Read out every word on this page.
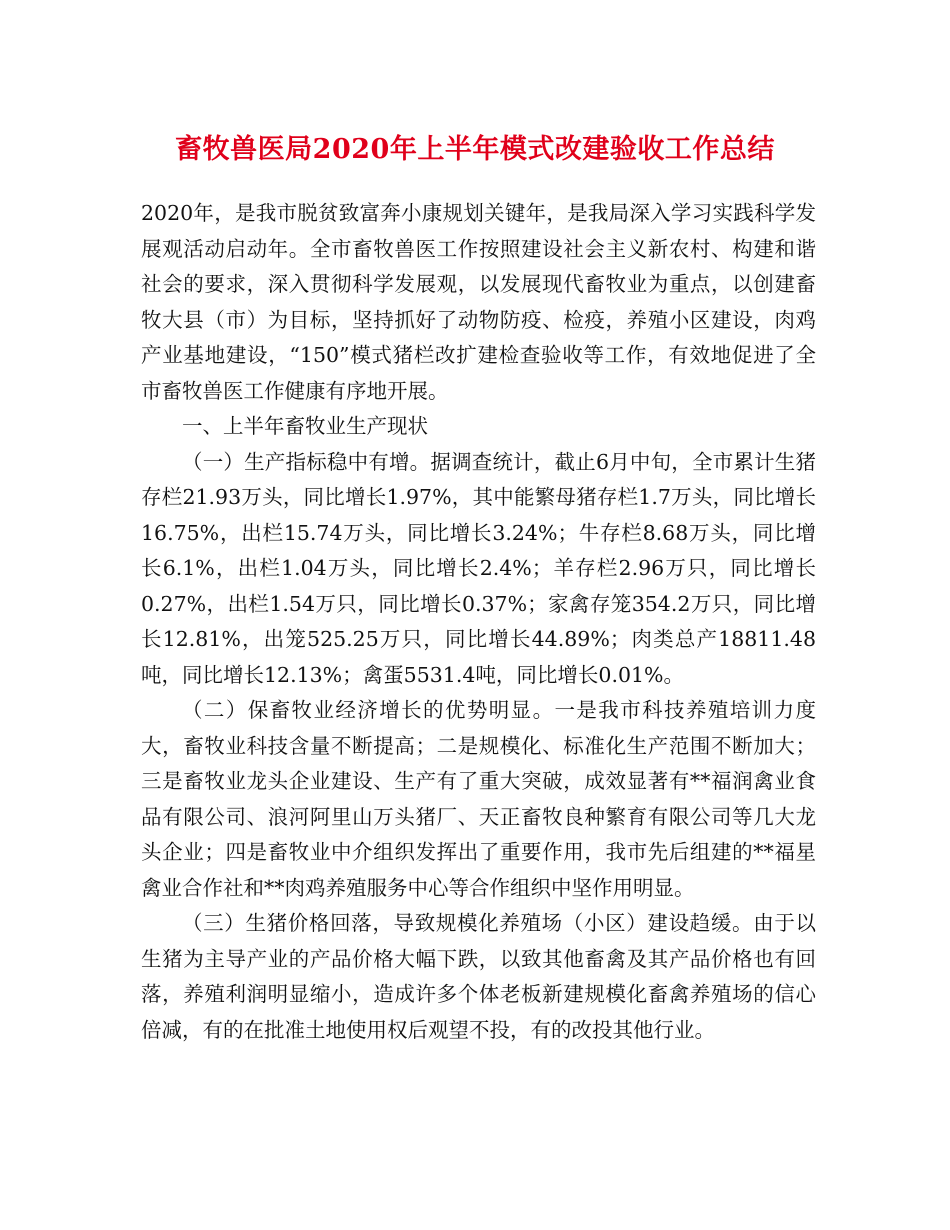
畜牧兽医局2020年上半年模式改建验收工作总结

2020年，是我市脱贫致富奔小康规划关键年，是我局深入学习实践科学发展观活动启动年。全市畜牧兽医工作按照建设社会主义新农村、构建和谐社会的要求，深入贯彻科学发展观，以发展现代畜牧业为重点，以创建畜牧大县（市）为目标，坚持抓好了动物防疫、检疫，养殖小区建设，肉鸡产业基地建设，“150”模式猪栏改扩建检查验收等工作，有效地促进了全市畜牧兽医工作健康有序地开展。

一、上半年畜牧业生产现状

（一）生产指标稳中有增。据调查统计，截止6月中旬，全市累计生猪存栏21.93万头，同比增长1.97%，其中能繁母猪存栏1.7万头，同比增长16.75%，出栏15.74万头，同比增长3.24%；牛存栏8.68万头，同比增长6.1%，出栏1.04万头，同比增长2.4%；羊存栏2.96万只，同比增长0.27%，出栏1.54万只，同比增长0.37%；家禽存笼354.2万只，同比增长12.81%，出笼525.25万只，同比增长44.89%；肉类总产18811.48吨，同比增长12.13%；禽蛋5531.4吨，同比增长0.01%。

（二）保畜牧业经济增长的优势明显。一是我市科技养殖培训力度大，畜牧业科技含量不断提高；二是规模化、标准化生产范围不断加大；三是畜牧业龙头企业建设、生产有了重大突破，成效显著有**福润禽业食品有限公司、浪河阿里山万头猪厂、天正畜牧良种繁育有限公司等几大龙头企业；四是畜牧业中介组织发挥出了重要作用，我市先后组建的**福星禽业合作社和**肉鸡养殖服务中心等合作组织中坚作用明显。

（三）生猪价格回落，导致规模化养殖场（小区）建设趋缓。由于以生猪为主导产业的产品价格大幅下跌，以致其他畜禽及其产品价格也有回落，养殖利润明显缩小，造成许多个体老板新建规模化畜禽养殖场的信心倍减，有的在批准土地使用权后观望不投，有的改投其他行业。
